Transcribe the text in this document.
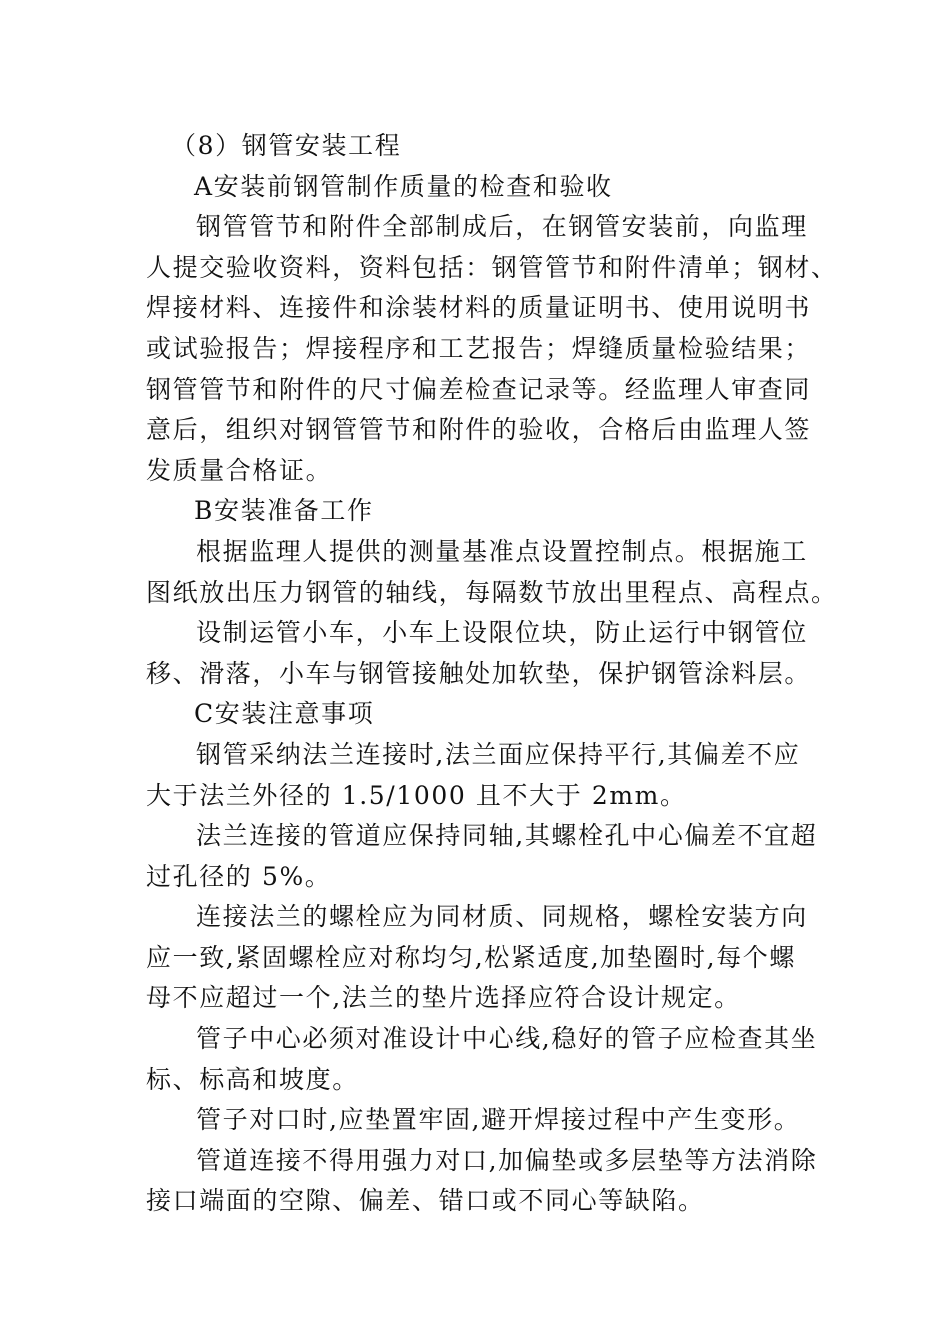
（8）钢管安装工程
A安装前钢管制作质量的检查和验收
钢管管节和附件全部制成后，在钢管安装前，向监理
人提交验收资料，资料包括：钢管管节和附件清单；钢材、
焊接材料、连接件和涂装材料的质量证明书、使用说明书
或试验报告；焊接程序和工艺报告；焊缝质量检验结果；
钢管管节和附件的尺寸偏差检查记录等。经监理人审查同
意后，组织对钢管管节和附件的验收，合格后由监理人签
发质量合格证。
B安装准备工作
根据监理人提供的测量基准点设置控制点。根据施工
图纸放出压力钢管的轴线，每隔数节放出里程点、高程点。
设制运管小车，小车上设限位块，防止运行中钢管位
移、滑落，小车与钢管接触处加软垫，保护钢管涂料层。
C安装注意事项
钢管采纳法兰连接时,法兰面应保持平行,其偏差不应
大于法兰外径的 1.5/1000 且不大于 2mm。
法兰连接的管道应保持同轴,其螺栓孔中心偏差不宜超
过孔径的 5%。
连接法兰的螺栓应为同材质、同规格，螺栓安装方向
应一致,紧固螺栓应对称均匀,松紧适度,加垫圈时,每个螺
母不应超过一个,法兰的垫片选择应符合设计规定。
管子中心必须对准设计中心线,稳好的管子应检查其坐
标、标高和坡度。
管子对口时,应垫置牢固,避开焊接过程中产生变形。
管道连接不得用强力对口,加偏垫或多层垫等方法消除
接口端面的空隙、偏差、错口或不同心等缺陷。
